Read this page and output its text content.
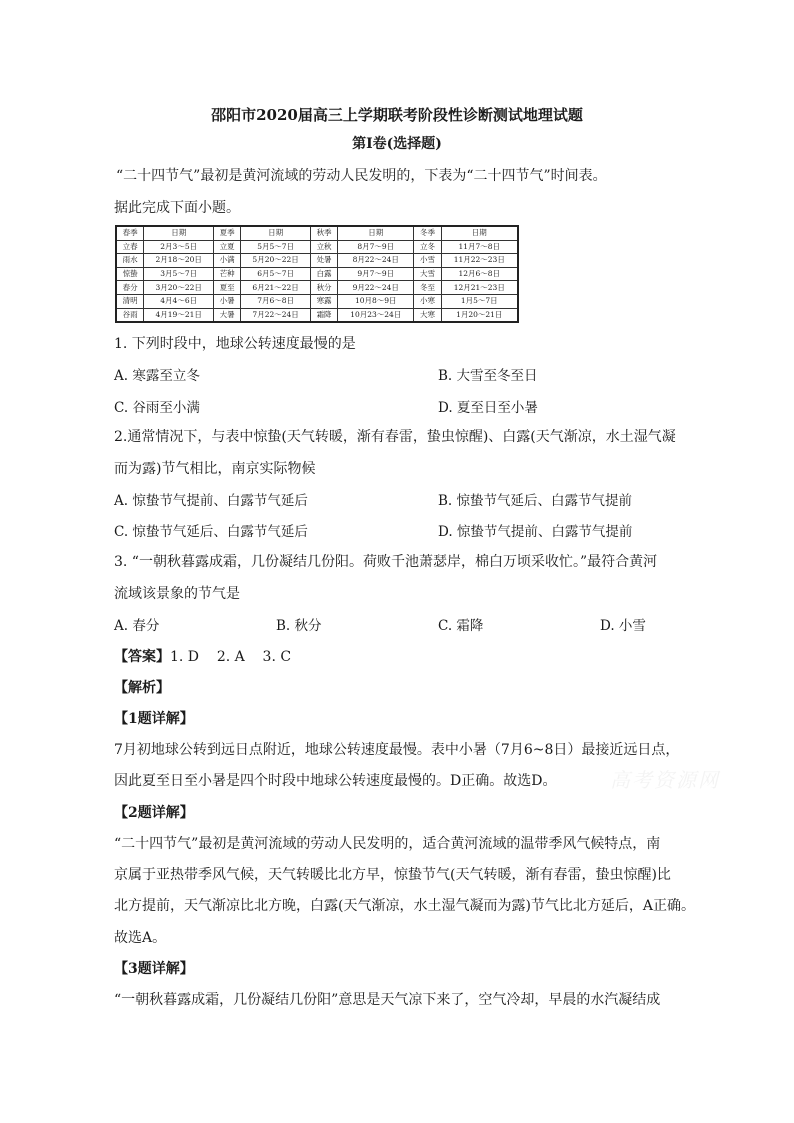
邵阳市2020届高三上学期联考阶段性诊断测试地理试题
第I卷(选择题)
“二十四节气”最初是黄河流域的劳动人民发明的，下表为“二十四节气”时间表。
据此完成下面小题。
春季	日期	夏季	日期	秋季	日期	冬季	日期
立春	2月3～5日	立夏	5月5～7日	立秋	8月7～9日	立冬	11月7～8日
雨水	2月18～20日	小满	5月20～22日	处暑	8月22～24日	小雪	11月22～23日
惊蛰	3月5～7日	芒种	6月5～7日	白露	9月7～9日	大雪	12月6～8日
春分	3月20～22日	夏至	6月21～22日	秋分	9月22～24日	冬至	12月21～23日
清明	4月4～6日	小暑	7月6～8日	寒露	10月8～9日	小寒	1月5～7日
谷雨	4月19～21日	大暑	7月22～24日	霜降	10月23～24日	大寒	1月20～21日
1. 下列时段中，地球公转速度最慢的是
A. 寒露至立冬	B. 大雪至冬至日
C. 谷雨至小满	D. 夏至日至小暑
2.通常情况下，与表中惊蛰(天气转暖，渐有春雷，蛰虫惊醒)、白露(天气渐凉，水土湿气凝
而为露)节气相比，南京实际物候
A. 惊蛰节气提前、白露节气延后	B. 惊蛰节气延后、白露节气提前
C. 惊蛰节气延后、白露节气延后	D. 惊蛰节气提前、白露节气提前
3. “一朝秋暮露成霜，几份凝结几份阳。荷败千池萧瑟岸，棉白万顷采收忙。”最符合黄河
流域该景象的节气是
A. 春分	B. 秋分	C. 霜降	D. 小雪
【答案】1. D    2. A    3. C
【解析】
【1题详解】
7月初地球公转到远日点附近，地球公转速度最慢。表中小暑（7月6~8日）最接近远日点，
因此夏至日至小暑是四个时段中地球公转速度最慢的。D正确。故选D。	高考资源网
【2题详解】
“二十四节气”最初是黄河流域的劳动人民发明的，适合黄河流域的温带季风气候特点，南
京属于亚热带季风气候，天气转暖比北方早，惊蛰节气(天气转暖，渐有春雷，蛰虫惊醒)比
北方提前，天气渐凉比北方晚，白露(天气渐凉，水土湿气凝而为露)节气比北方延后，A正确。
故选A。
【3题详解】
“一朝秋暮露成霜，几份凝结几份阳”意思是天气凉下来了，空气冷却，早晨的水汽凝结成
